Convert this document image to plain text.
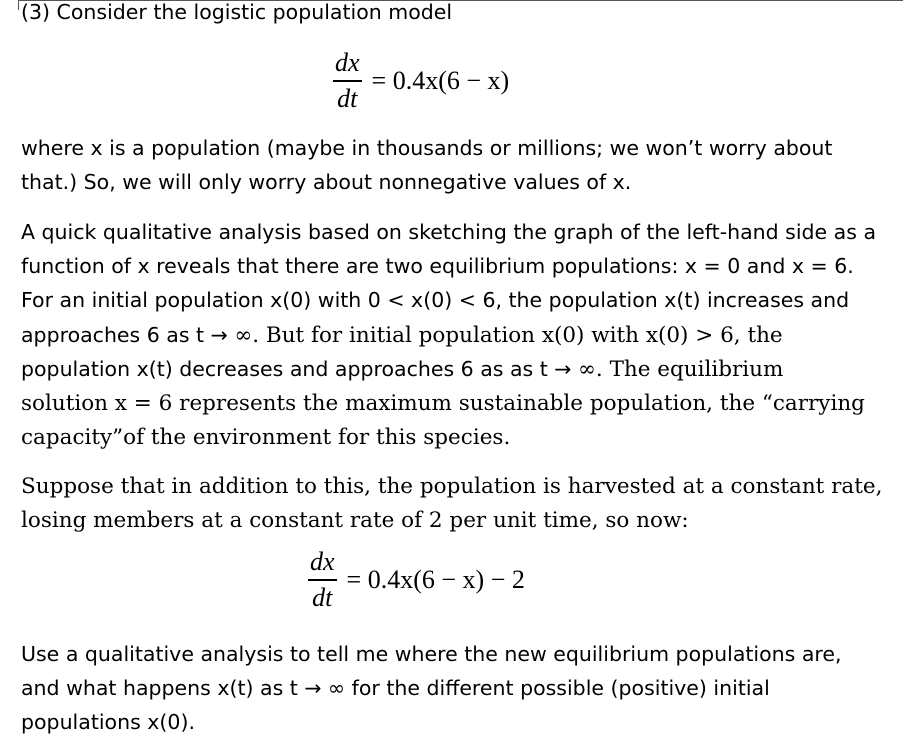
(3) Consider the logistic population model
$\frac{dx}{dt} = 0.4x(6 - x)$
where x is a population (maybe in thousands or millions; we won’t worry about
that.) So, we will only worry about nonnegative values of x.
A quick qualitative analysis based on sketching the graph of the left-hand side as a
function of x reveals that there are two equilibrium populations: x = 0 and x = 6.
For an initial population x(0) with 0 < x(0) < 6, the population x(t) increases and
approaches 6 as t → ∞. But for initial population x(0) with x(0) > 6, the
population x(t) decreases and approaches 6 as as t → ∞. The equilibrium
solution x = 6 represents the maximum sustainable population, the “carrying
capacity”of the environment for this species.
Suppose that in addition to this, the population is harvested at a constant rate,
losing members at a constant rate of 2 per unit time, so now:
$\frac{dx}{dt} = 0.4x(6 - x) - 2$
Use a qualitative analysis to tell me where the new equilibrium populations are,
and what happens x(t) as t → ∞ for the different possible (positive) initial
populations x(0).
